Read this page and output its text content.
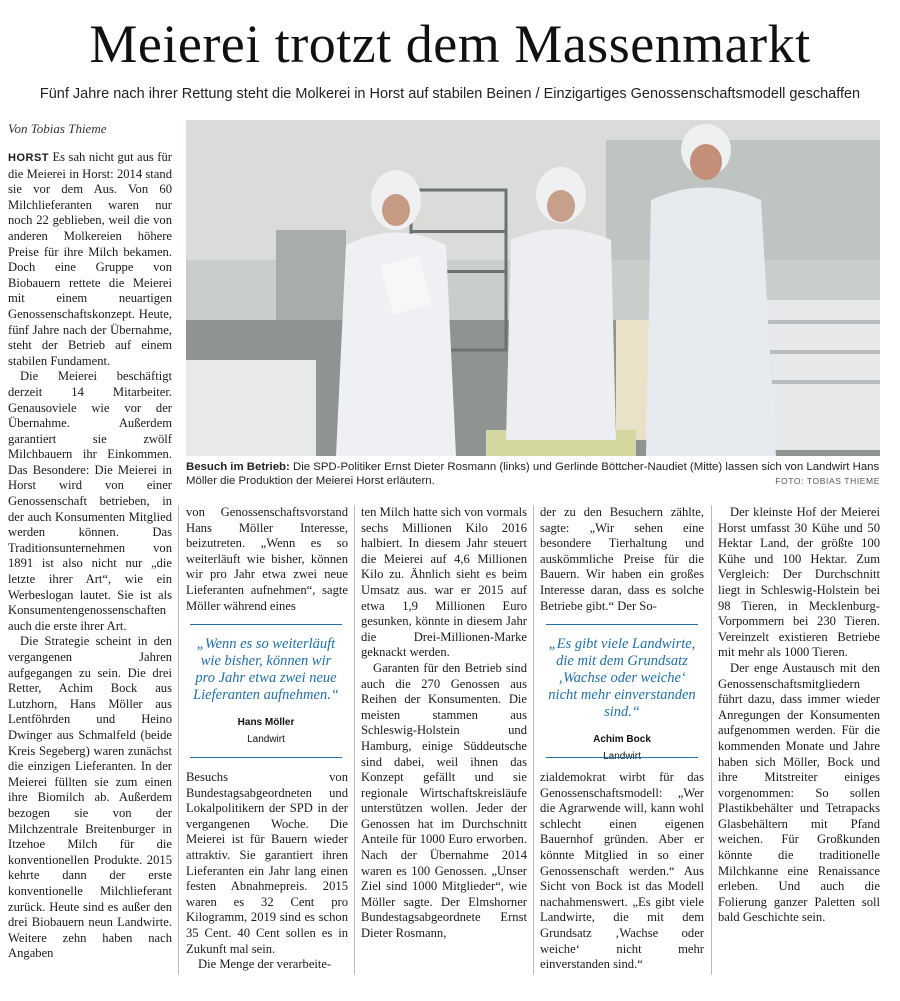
Meierei trotzt dem Massenmarkt
Fünf Jahre nach ihrer Rettung steht die Molkerei in Horst auf stabilen Beinen / Einzigartiges Genossenschaftsmodell geschaffen
Von Tobias Thieme

HORST Es sah nicht gut aus für die Meierei in Horst: 2014 stand sie vor dem Aus. Von 60 Milchlieferanten waren nur noch 22 geblieben, weil die von anderen Molkereien höhere Preise für ihre Milch bekamen. Doch eine Gruppe von Biobauern rettete die Meierei mit einem neuartigen Genossenschaftskonzept. Heute, fünf Jahre nach der Übernahme, steht der Betrieb auf einem stabilen Fundament.

Die Meierei beschäftigt derzeit 14 Mitarbeiter. Genausoviele wie vor der Übernahme. Außerdem garantiert sie zwölf Milchbauern ihr Einkommen. Das Besondere: Die Meierei in Horst wird von einer Genossenschaft betrieben, in der auch Konsumenten Mitglied werden können. Das Traditionsunternehmen von 1891 ist also nicht nur „die letzte ihrer Art“, wie ein Werbeslogan lautet. Sie ist als Konsumentengenossenschaften auch die erste ihrer Art.

Die Strategie scheint in den vergangenen Jahren aufgegangen zu sein. Die drei Retter, Achim Bock aus Lutzhorn, Hans Möller aus Lentföhrden und Heino Dwinger aus Schmalfeld (beide Kreis Segeberg) waren zunächst die einzigen Lieferanten. In der Meierei füllten sie zum einen ihre Biomilch ab. Außerdem bezogen sie von der Milchzentrale Breitenburger in Itzehoe Milch für die konventionellen Produkte. 2015 kehrte dann der erste konventionelle Milchlieferant zurück. Heute sind es außer den drei Biobauern neun Landwirte. Weitere zehn haben nach Angaben

Besuch im Betrieb: Die SPD-Politiker Ernst Dieter Rosmann (links) und Gerlinde Böttcher-Naudiet (Mitte) lassen sich von Landwirt Hans Möller die Produktion der Meierei Horst erläutern.	FOTO: TOBIAS THIEME

von Genossenschaftsvorstand Hans Möller Interesse, beizutreten. „Wenn es so weiterläuft wie bisher, können wir pro Jahr etwa zwei neue Lieferanten aufnehmen“, sagte Möller während eines

„Wenn es so weiterläuft wie bisher, können wir pro Jahr etwa zwei neue Lieferanten aufnehmen.“
Hans Möller
Landwirt

Besuchs von Bundestagsabgeordneten und Lokalpolitikern der SPD in der vergangenen Woche. Die Meierei ist für Bauern wieder attraktiv. Sie garantiert ihren Lieferanten ein Jahr lang einen festen Abnahmepreis. 2015 waren es 32 Cent pro Kilogramm, 2019 sind es schon 35 Cent. 40 Cent sollen es in Zukunft mal sein.

Die Menge der verarbeite-

ten Milch hatte sich von vormals sechs Millionen Kilo 2016 halbiert. In diesem Jahr steuert die Meierei auf 4,6 Millionen Kilo zu. Ähnlich sieht es beim Umsatz aus. war er 2015 auf etwa 1,9 Millionen Euro gesunken, könnte in diesem Jahr die Drei-Millionen-Marke geknackt werden.

Garanten für den Betrieb sind auch die 270 Genossen aus Reihen der Konsumenten. Die meisten stammen aus Schleswig-Holstein und Hamburg, einige Süddeutsche sind dabei, weil ihnen das Konzept gefällt und sie regionale Wirtschaftskreisläufe unterstützen wollen. Jeder der Genossen hat im Durchschnitt Anteile für 1000 Euro erworben. Nach der Übernahme 2014 waren es 100 Genossen. „Unser Ziel sind 1000 Mitglieder“, wie Möller sagte. Der Elmshorner Bundestagsabgeordnete Ernst Dieter Rosmann,

der zu den Besuchern zählte, sagte: „Wir sehen eine besondere Tierhaltung und auskömmliche Preise für die Bauern. Wir haben ein großes Interesse daran, dass es solche Betriebe gibt.“ Der So-

„Es gibt viele Landwirte, die mit dem Grundsatz ‚Wachse oder weiche‘ nicht mehr einverstanden sind.“
Achim Bock

zialdemokrat wirbt für das Genossenschaftsmodell: „Wer die Agrarwende will, kann wohl schlecht einen eigenen Bauernhof gründen. Aber er könnte Mitglied in so einer Genossenschaft werden.“ Aus Sicht von Bock ist das Modell nachahmenswert. „Es gibt viele Landwirte, die mit dem Grundsatz ‚Wachse oder weiche‘ nicht mehr einverstanden sind.“

Der kleinste Hof der Meierei Horst umfasst 30 Kühe und 50 Hektar Land, der größte 100 Kühe und 100 Hektar. Zum Vergleich: Der Durchschnitt liegt in Schleswig-Holstein bei 98 Tieren, in Mecklenburg-Vorpommern bei 230 Tieren. Vereinzelt existieren Betriebe mit mehr als 1000 Tieren.

Der enge Austausch mit den Genossenschaftsmitgliedern führt dazu, dass immer wieder Anregungen der Konsumenten aufgenommen werden. Für die kommenden Monate und Jahre haben sich Möller, Bock und ihre Mitstreiter einiges vorgenommen: So sollen Plastikbehälter und Tetrapacks Glasbehältern mit Pfand weichen. Für Großkunden könnte die traditionelle Milchkanne eine Renaissance erleben. Und auch die Folierung ganzer Paletten soll bald Geschichte sein.
